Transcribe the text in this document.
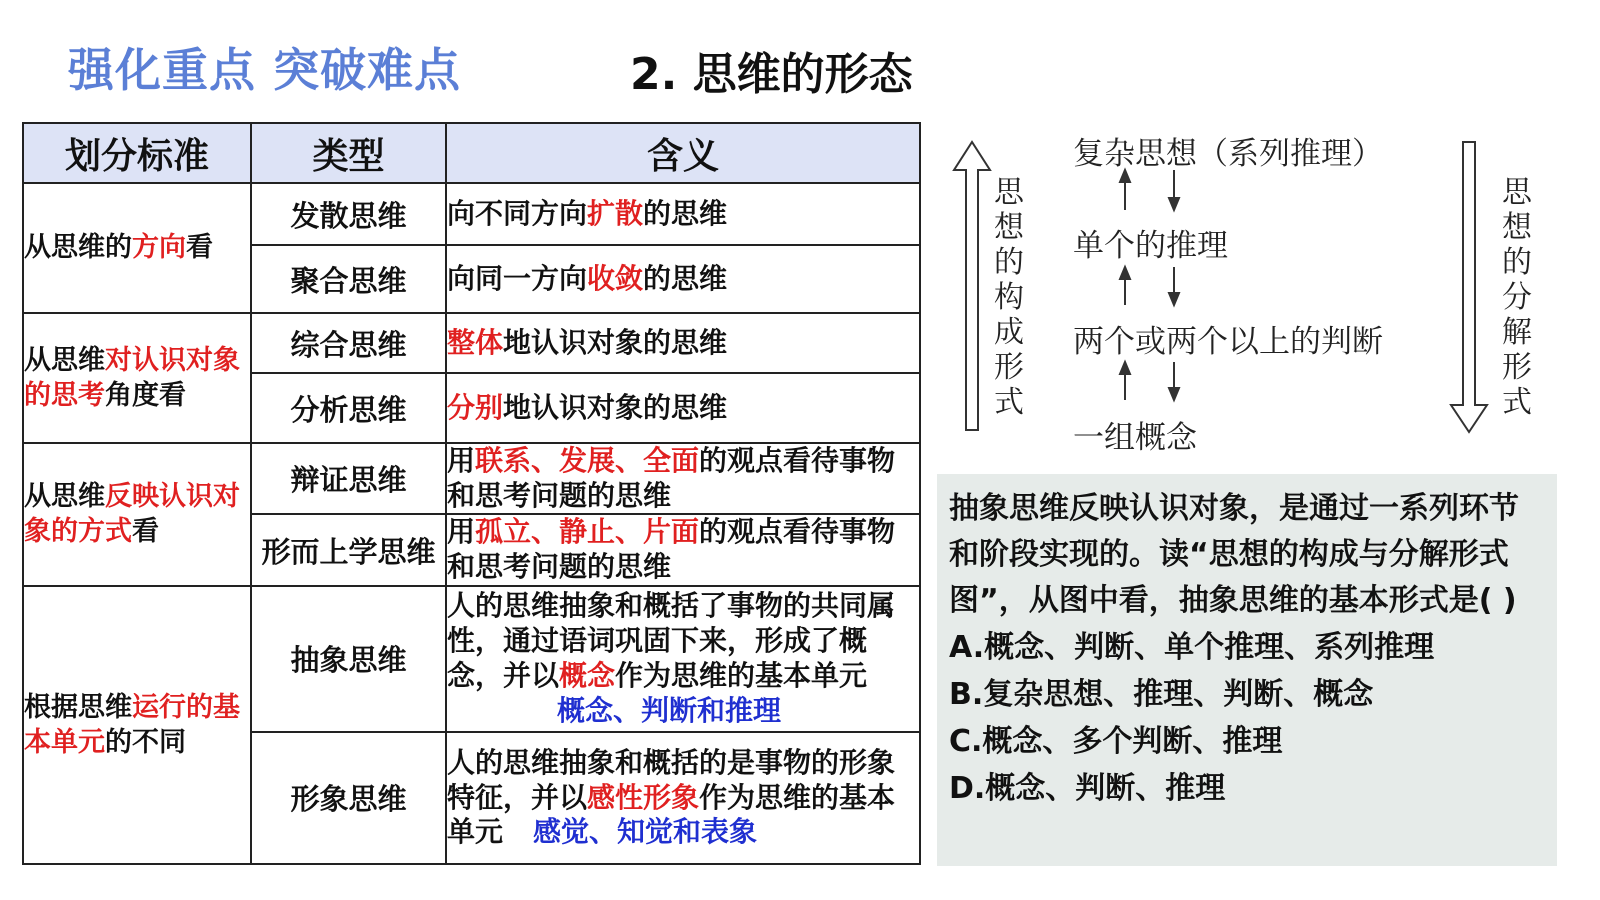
强化重点 突破难点	2. 思维的形态
划分标准	类型	含义
从思维的方向看	发散思维	向不同方向扩散的思维
	聚合思维	向同一方向收敛的思维
从思维对认识对象的思考角度看	综合思维	整体地认识对象的思维
	分析思维	分别地认识对象的思维
从思维反映认识对象的方式看	辩证思维	用联系、发展、全面的观点看待事物和思考问题的思维
	形而上学思维	用孤立、静止、片面的观点看待事物和思考问题的思维
根据思维运行的基本单元的不同	抽象思维	人的思维抽象和概括了事物的共同属性，通过语词巩固下来，形成了概念，并以概念作为思维的基本单元概念、判断和推理
	形象思维	人的思维抽象和概括的是事物的形象特征，并以感性形象作为思维的基本单元 感觉、知觉和表象
思想的构成形式
思想的分解形式
复杂思想（系列推理）
单个的推理
两个或两个以上的判断
一组概念
抽象思维反映认识对象，是通过一系列环节和阶段实现的。读“思想的构成与分解形式图”，从图中看，抽象思维的基本形式是( )
A.概念、判断、单个推理、系列推理
B.复杂思想、推理、判断、概念
C.概念、多个判断、推理
D.概念、判断、推理
